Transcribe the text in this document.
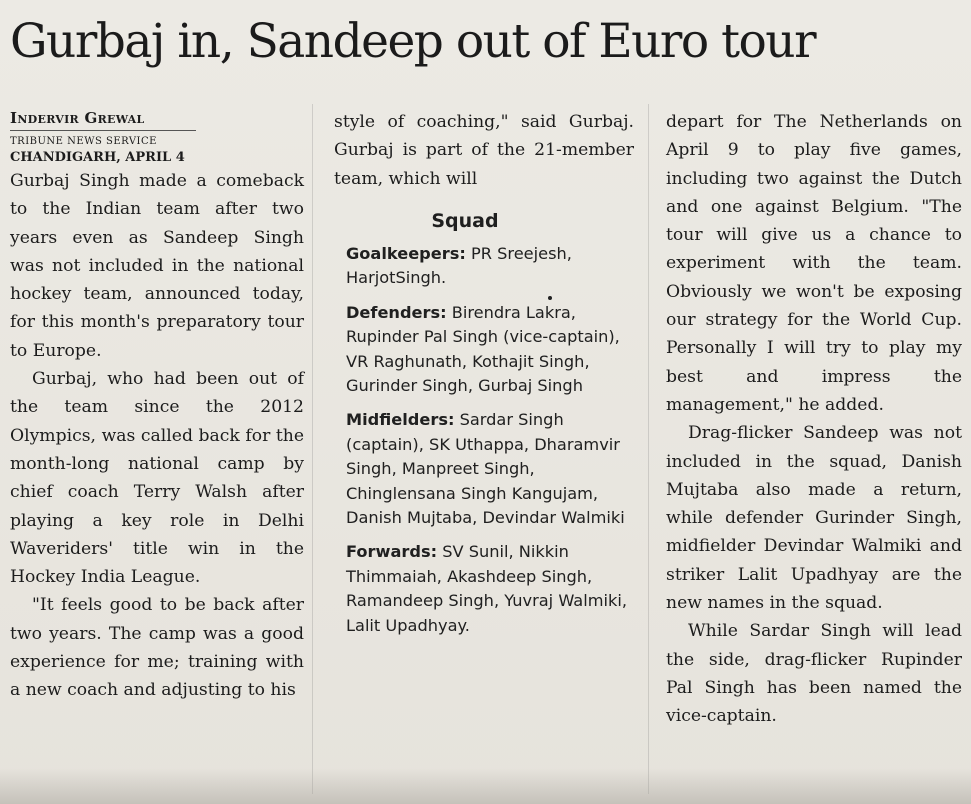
Gurbaj in, Sandeep out of Euro tour

Indervir Grewal

TRIBUNE NEWS SERVICE

CHANDIGARH, APRIL 4

Gurbaj Singh made a comeback to the Indian team after two years even as Sandeep Singh was not included in the national hockey team, announced today, for this month's preparatory tour to Europe.

Gurbaj, who had been out of the team since the 2012 Olympics, was called back for the month-long national camp by chief coach Terry Walsh after playing a key role in Delhi Waveriders' title win in the Hockey India League.

"It feels good to be back after two years. The camp was a good experience for me; training with a new coach and adjusting to his

style of coaching," said Gurbaj. Gurbaj is part of the 21-member team, which will

Squad

Goalkeepers: PR Sreejesh, HarjotSingh.

Defenders: Birendra Lakra, Rupinder Pal Singh (vice-captain), VR Raghunath, Kothajit Singh, Gurinder Singh, Gurbaj Singh

Midfielders: Sardar Singh (captain), SK Uthappa, Dharamvir Singh, Manpreet Singh, Chinglensana Singh Kangujam, Danish Mujtaba, Devindar Walmiki

Forwards: SV Sunil, Nikkin Thimmaiah, Akashdeep Singh, Ramandeep Singh, Yuvraj Walmiki, Lalit Upadhyay.

depart for The Netherlands on April 9 to play five games, including two against the Dutch and one against Belgium. "The tour will give us a chance to experiment with the team. Obviously we won't be exposing our strategy for the World Cup. Personally I will try to play my best and impress the management," he added.

Drag-flicker Sandeep was not included in the squad, Danish Mujtaba also made a return, while defender Gurinder Singh, midfielder Devindar Walmiki and striker Lalit Upadhyay are the new names in the squad.

While Sardar Singh will lead the side, drag-flicker Rupinder Pal Singh has been named the vice-captain.
